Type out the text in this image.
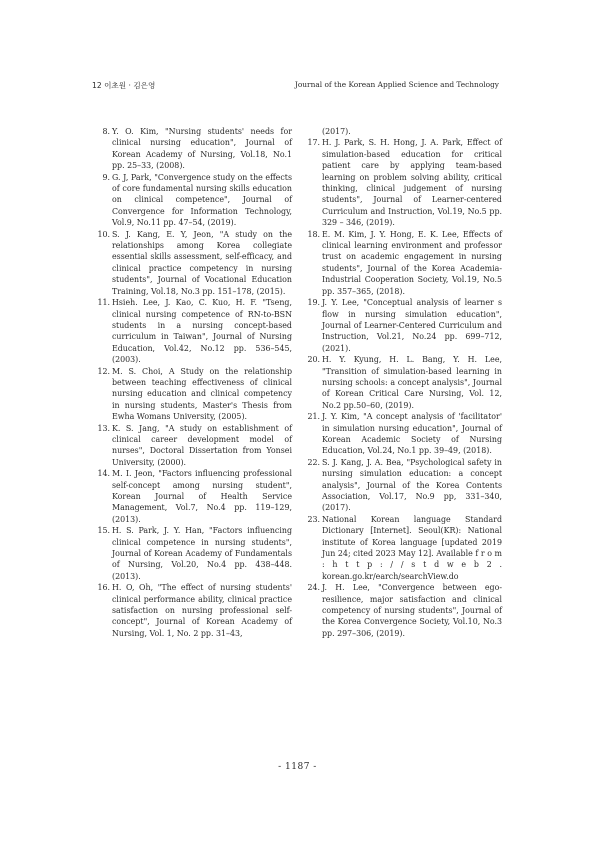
12 이초원 · 김은영	Journal of the Korean Applied Science and Technology

8. Y. O. Kim, "Nursing students' needs for clinical nursing education", Journal of Korean Academy of Nursing, Vol.18, No.1 pp. 25–33, (2008).

9. G. J, Park, "Convergence study on the effects of core fundamental nursing skills education on clinical competence", Journal of Convergence for Information Technology, Vol.9, No.11 pp. 47–54, (2019).

10. S. J. Kang, E. Y, Jeon, "A study on the relationships among Korea collegiate essential skills assessment, self-efficacy, and clinical practice competency in nursing students", Journal of Vocational Education Training, Vol.18, No.3 pp. 151–178, (2015).

11. Hsieh. Lee, J. Kao, C. Kuo, H. F. "Tseng, clinical nursing competence of RN-to-BSN students in a nursing concept-based curriculum in Taiwan", Journal of Nursing Education, Vol.42, No.12 pp. 536–545, (2003).

12. M. S. Choi, A Study on the relationship between teaching effectiveness of clinical nursing education and clinical competency in nursing students, Master's Thesis from Ewha Womans University, (2005).

13. K. S. Jang, "A study on establishment of clinical career development model of nurses", Doctoral Dissertation from Yonsei University, (2000).

14. M. I. Jeon, "Factors influencing professional self-concept among nursing student", Korean Journal of Health Service Management, Vol.7, No.4 pp. 119–129, (2013).

15. H. S. Park, J. Y. Han, "Factors influencing clinical competence in nursing students", Journal of Korean Academy of Fundamentals of Nursing, Vol.20, No.4 pp. 438–448. (2013).

16. H. O, Oh, "The effect of nursing students' clinical performance ability, clinical practice satisfaction on nursing professional self-concept", Journal of Korean Academy of Nursing, Vol. 1, No. 2 pp. 31–43,

(2017).

17. H. J. Park, S. H. Hong, J. A. Park, Effect of simulation-based education for critical patient care by applying team-based learning on problem solving ability, critical thinking, clinical judgement of nursing students", Journal of Learner-centered Curriculum and Instruction, Vol.19, No.5 pp. 329 – 346, (2019).

18. E. M. Kim, J. Y. Hong, E. K. Lee, Effects of clinical learning environment and professor trust on academic engagement in nursing students", Journal of the Korea Academia-Industrial Cooperation Society, Vol.19, No.5 pp. 357–365, (2018).

19. J. Y. Lee, "Conceptual analysis of learner s flow in nursing simulation education", Journal of Learner-Centered Curriculum and Instruction, Vol.21, No.24 pp. 699–712, (2021).

20. H. Y. Kyung, H. L. Bang, Y. H. Lee, "Transition of simulation-based learning in nursing schools: a concept analysis", Journal of Korean Critical Care Nursing, Vol. 12, No.2 pp.50–60, (2019).

21. J. Y. Kim, "A concept analysis of 'facilitator' in simulation nursing education", Journal of Korean Academic Society of Nursing Education, Vol.24, No.1 pp. 39–49, (2018).

22. S. J. Kang, J. A. Bea, "Psychological safety in nursing simulation education: a concept analysis", Journal of the Korea Contents Association, Vol.17, No.9 pp, 331–340, (2017).

23. National Korean language Standard Dictionary [Internet]. Seoul(KR): National institute of Korea language [updated 2019 Jun 24; cited 2023 May 12]. Available f r o m : h t t p : / / s t d w e b 2 . korean.go.kr/earch/searchView.do

24. J. H. Lee, "Convergence between ego-resilience, major satisfaction and clinical competency of nursing students", Journal of the Korea Convergence Society, Vol.10, No.3 pp. 297–306, (2019).

- 1187 -
